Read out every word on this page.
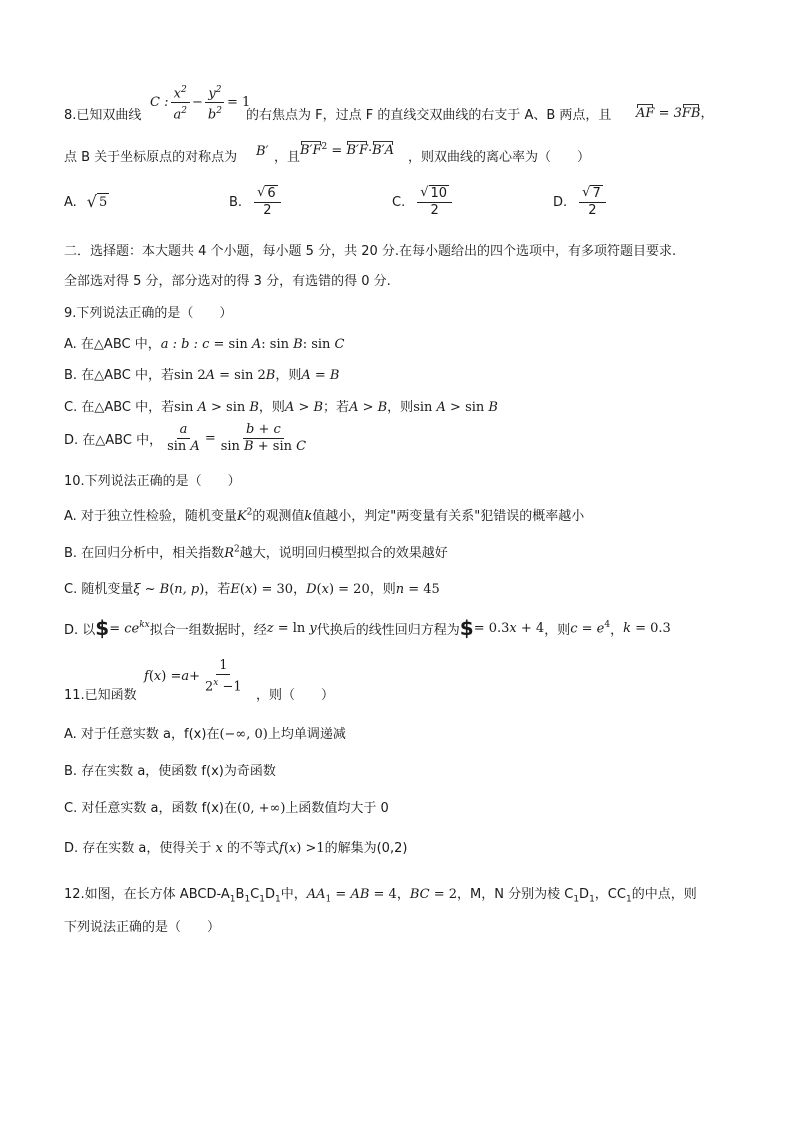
8.已知双曲线
C : $\frac{x^2}{a^2} - \frac{y^2}{b^2} = 1$
的右焦点为 F，过点 F 的直线交双曲线的右支于 A、B 两点，且 AF = 3FB，
点 B 关于坐标原点的对称点为 B′ ，且 $B'F^2 = B'F\cdot B'A$ ，则双曲线的离心率为（　　）
A. √ 5	B. $\frac{√ 6}{2}$	C. $\frac{√ 10}{2}$	D. $\frac{√ 7}{2}$
二．选择题：本大题共 4 个小题，每小题 5 分，共 20 分.在每小题给出的四个选项中，有多项符题目要求.
全部选对得 5 分，部分选对的得 3 分，有选错的得 0 分.
9.下列说法正确的是（　　）
A. 在△ABC 中，a : b : c = sin A: sin B: sin C
B. 在△ABC 中，若sin 2A = sin 2B，则A = B
C. 在△ABC 中，若sin A > sin B，则A > B；若A > B，则sin A > sin B
D. 在△ABC 中， $\frac{a}{\text{sin A}} = \frac{b + c}{\text{sin B + sin C}}$
10.下列说法正确的是（　　）
A. 对于独立性检验，随机变量$K^2$的观测值k值越小，判定"两变量有关系"犯错误的概率越小
B. 在回归分析中，相关指数$R^2$越大，说明回归模型拟合的效果越好
C. 随机变量ξ ~ B(n, p)，若E(x) = 30，D(x) = 20，则n = 45
D. 以 $ = $ce^{kx}$ 拟合一组数据时，经 z = ln y 代换后的线性回归方程为 $ = 0.3x + 4 ，则 $c = e^4$ ， k = 0.3
11.已知函数
f ( x ) = $a + \frac{1}{2^x -1}$
，则（　　）
A. 对于任意实数 a，f(x)在(−∞, 0)上均单调递减
B. 存在实数 a，使函数 f(x)为奇函数
C. 对任意实数 a，函数 f(x)在(0, +∞)上函数值均大于 0
D. 存在实数 a，使得关于 x 的不等式f(x) >1的解集为(0,2)
12.如图，在长方体 ABCD-$A_1B_1C_1D_1$中，$AA_1$ = AB = 4，BC = 2，M，N 分别为棱 $C_1D_1$，$CC_1$的中点，则
下列说法正确的是（　　）
